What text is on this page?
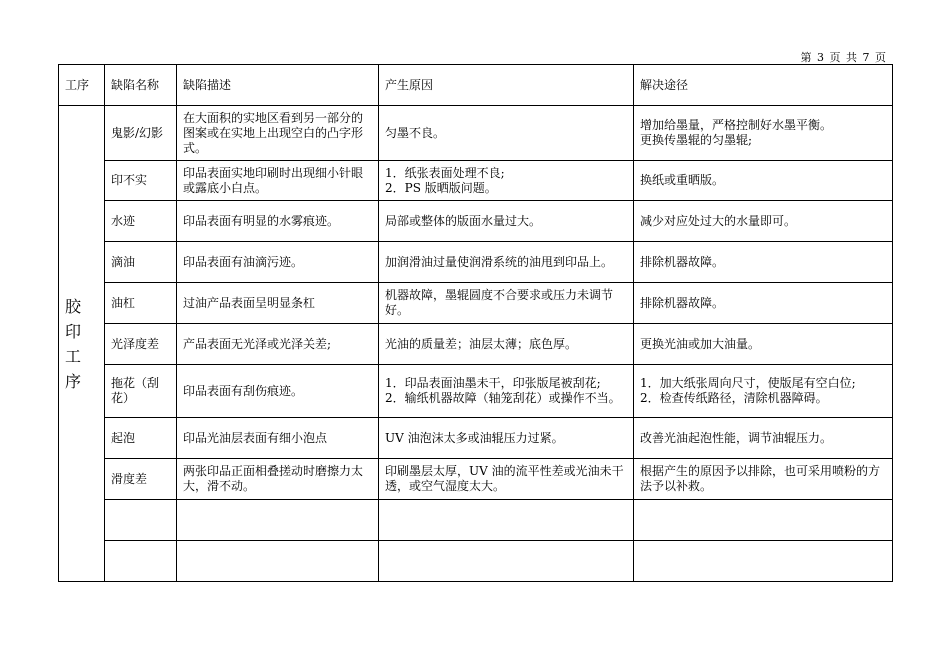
第 3 页 共 7 页
工序	缺陷名称	缺陷描述	产生原因	解决途径
胶印工序	鬼影/幻影	在大面积的实地区看到另一部分的图案或在实地上出现空白的凸字形式。	匀墨不良。	增加给墨量，严格控制好水墨平衡。
更换传墨辊的匀墨辊;
	印不实	印品表面实地印刷时出现细小针眼或露底小白点。	1．纸张表面处理不良;
2．PS 版晒版问题。	换纸或重晒版。
	水迹	印品表面有明显的水雾痕迹。	局部或整体的版面水量过大。	减少对应处过大的水量即可。
	滴油	印品表面有油滴污迹。	加润滑油过量使润滑系统的油甩到印品上。	排除机器故障。
	油杠	过油产品表面呈明显条杠	机器故障，墨辊圆度不合要求或压力未调节好。	排除机器故障。
	光泽度差	产品表面无光泽或光泽关差;	光油的质量差；油层太薄；底色厚。	更换光油或加大油量。
	拖花（刮花）	印品表面有刮伤痕迹。	1．印品表面油墨未干，印张版尾被刮花;
2．输纸机器故障（轴笼刮花）或操作不当。	1．加大纸张周向尺寸，使版尾有空白位;
2．检查传纸路径，清除机器障碍。
	起泡	印品光油层表面有细小泡点	UV 油泡沫太多或油辊压力过紧。	改善光油起泡性能，调节油辊压力。
	滑度差	两张印品正面相叠搓动时磨擦力太大，滑不动。	印刷墨层太厚，UV 油的流平性差或光油未干透，或空气湿度太大。	根据产生的原因予以排除，也可采用喷粉的方法予以补救。
